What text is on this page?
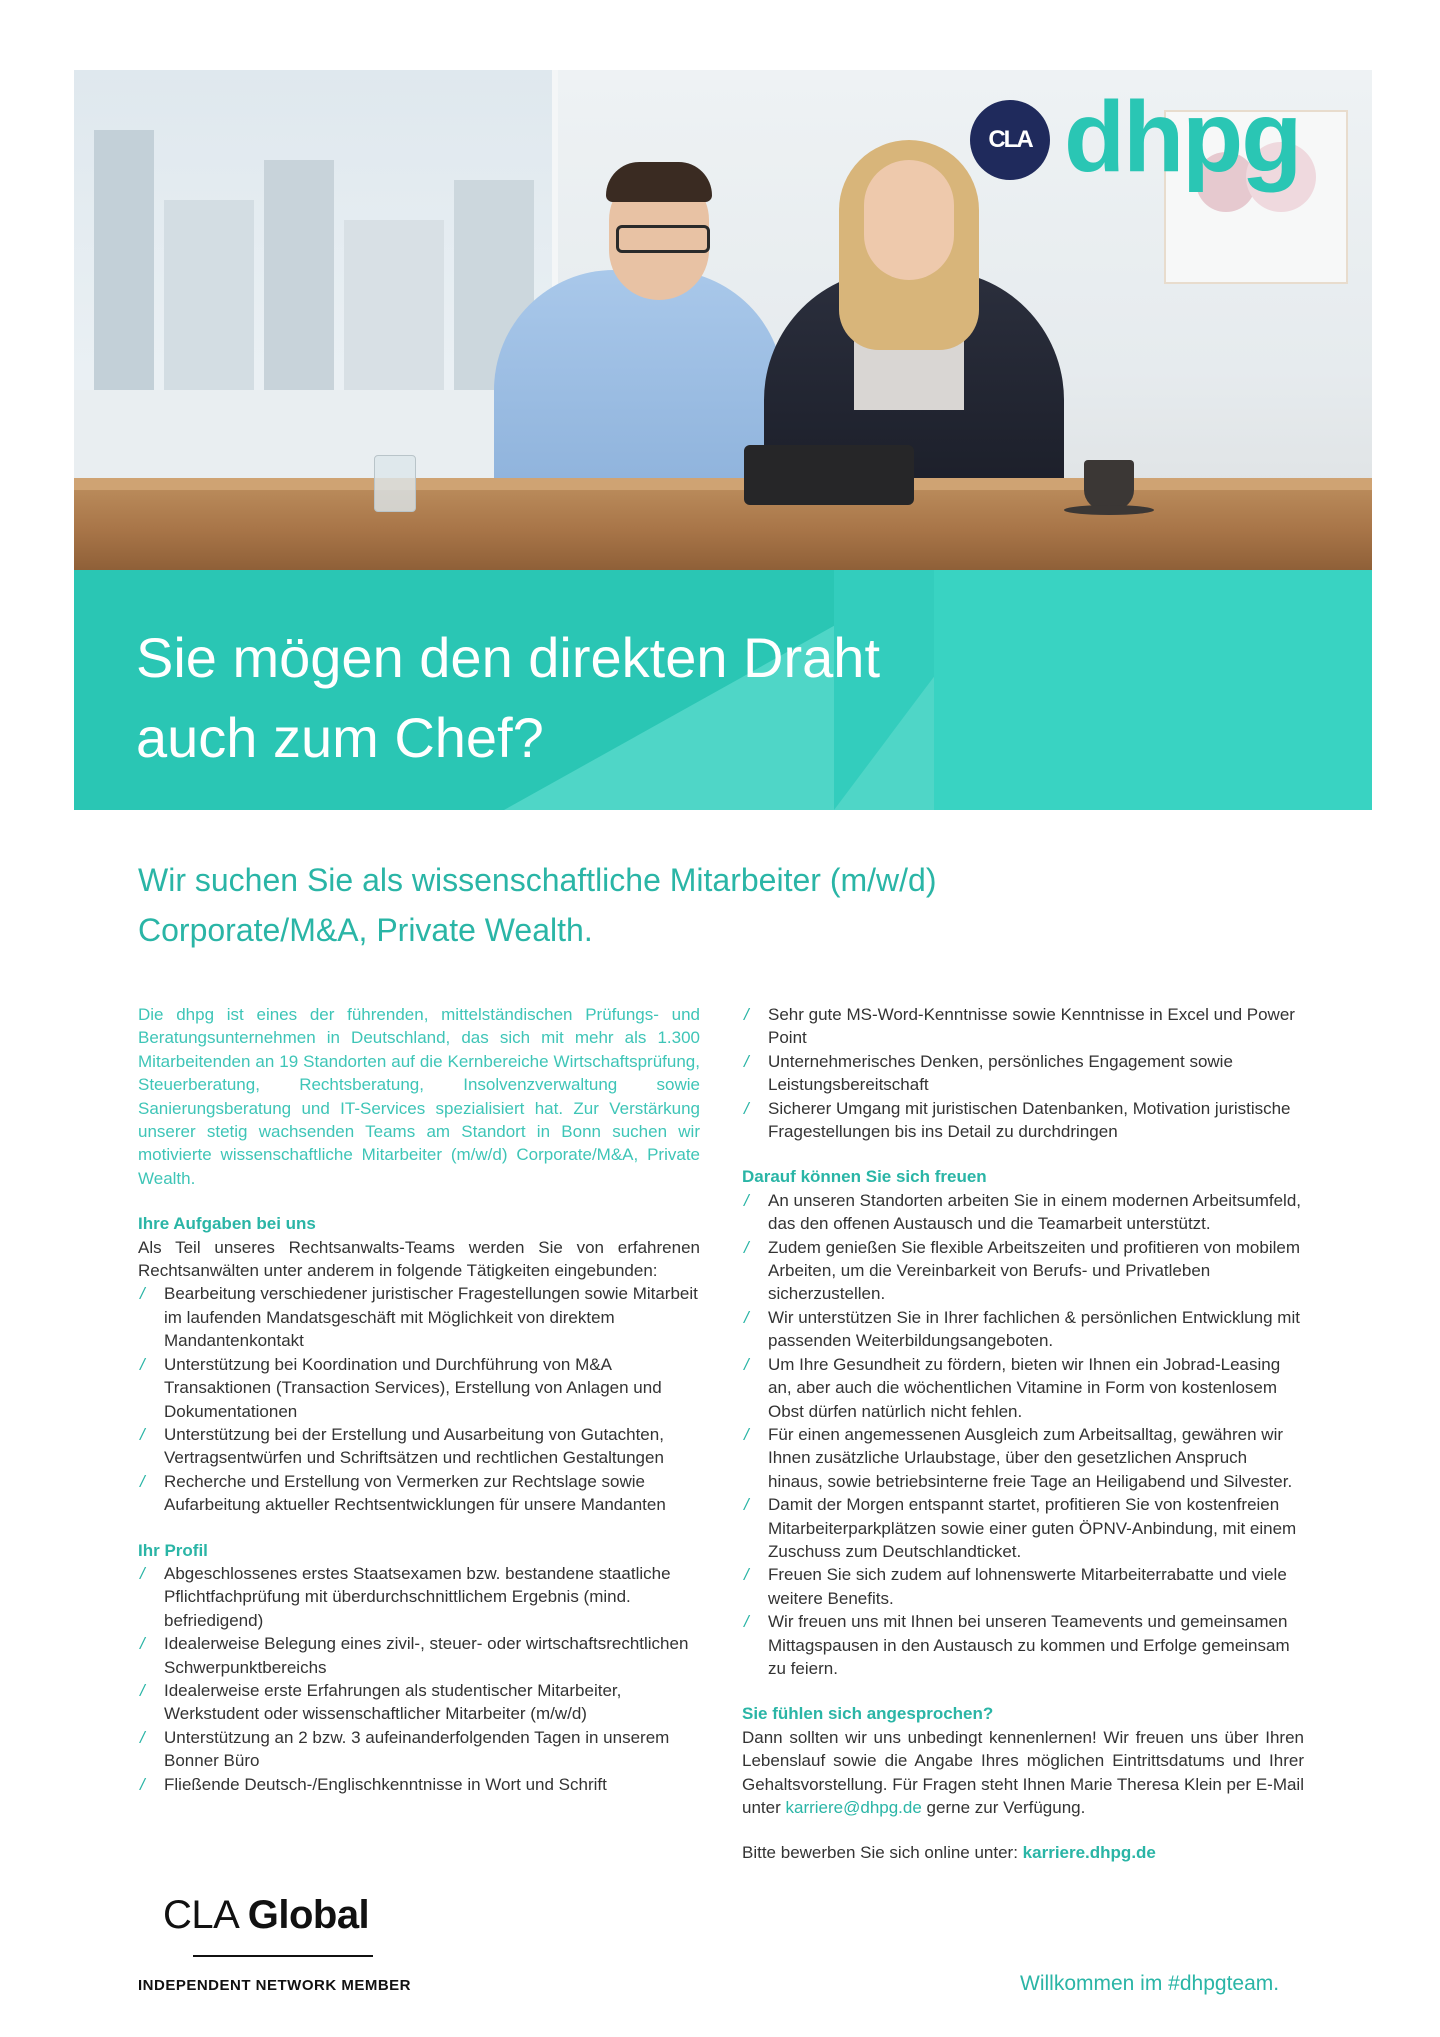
CLA dhpg
Sie mögen den direkten Draht
auch zum Chef?
Wir suchen Sie als wissenschaftliche Mitarbeiter (m/w/d)
Corporate/M&A, Private Wealth.

Die dhpg ist eines der führenden, mittelständischen Prüfungs- und Beratungsunternehmen in Deutschland, das sich mit mehr als 1.300 Mitarbeitenden an 19 Standorten auf die Kernbereiche Wirtschaftsprüfung, Steuerberatung, Rechtsberatung, Insolvenzverwaltung sowie Sanierungsberatung und IT-Services spezialisiert hat. Zur Verstärkung unserer stetig wachsenden Teams am Standort in Bonn suchen wir motivierte wissenschaftliche Mitarbeiter (m/w/d) Corporate/M&A, Private Wealth.

Ihre Aufgaben bei uns

Als Teil unseres Rechtsanwalts-Teams werden Sie von erfahrenen Rechtsanwälten unter anderem in folgende Tätigkeiten eingebunden:

/ Bearbeitung verschiedener juristischer Fragestellungen sowie Mitarbeit im laufenden Mandatsgeschäft mit Möglichkeit von direktem Mandantenkontakt
/ Unterstützung bei Koordination und Durchführung von M&A Transaktionen (Transaction Services), Erstellung von Anlagen und Dokumentationen
/ Unterstützung bei der Erstellung und Ausarbeitung von Gutachten, Vertragsentwürfen und Schriftsätzen und rechtlichen Gestaltungen
/ Recherche und Erstellung von Vermerken zur Rechtslage sowie Aufarbeitung aktueller Rechtsentwicklungen für unsere Mandanten
Ihr Profil
/ Abgeschlossenes erstes Staatsexamen bzw. bestandene staatliche Pflichtfachprüfung mit überdurchschnittlichem Ergebnis (mind. befriedigend)
/ Idealerweise Belegung eines zivil-, steuer- oder wirtschaftsrechtlichen Schwerpunktbereichs
/ Idealerweise erste Erfahrungen als studentischer Mitarbeiter, Werkstudent oder wissenschaftlicher Mitarbeiter (m/w/d)
/ Unterstützung an 2 bzw. 3 aufeinanderfolgenden Tagen in unserem Bonner Büro
/ Fließende Deutsch-/Englischkenntnisse in Wort und Schrift
/ Sehr gute MS-Word-Kenntnisse sowie Kenntnisse in Excel und Power Point
/ Unternehmerisches Denken, persönliches Engagement sowie Leistungsbereitschaft
/ Sicherer Umgang mit juristischen Datenbanken, Motivation juristische Fragestellungen bis ins Detail zu durchdringen
Darauf können Sie sich freuen
/ An unseren Standorten arbeiten Sie in einem modernen Arbeitsumfeld, das den offenen Austausch und die Teamarbeit unterstützt.
/ Zudem genießen Sie flexible Arbeitszeiten und profitieren von mobilem Arbeiten, um die Vereinbarkeit von Berufs- und Privatleben sicherzustellen.
/ Wir unterstützen Sie in Ihrer fachlichen & persönlichen Entwicklung mit passenden Weiterbildungsangeboten.
/ Um Ihre Gesundheit zu fördern, bieten wir Ihnen ein Jobrad-Leasing an, aber auch die wöchentlichen Vitamine in Form von kostenlosem Obst dürfen natürlich nicht fehlen.
/ Für einen angemessenen Ausgleich zum Arbeitsalltag, gewähren wir Ihnen zusätzliche Urlaubstage, über den gesetzlichen Anspruch hinaus, sowie betriebsinterne freie Tage an Heiligabend und Silvester.
/ Damit der Morgen entspannt startet, profitieren Sie von kostenfreien Mitarbeiterparkplätzen sowie einer guten ÖPNV-Anbindung, mit einem Zuschuss zum Deutschlandticket.
/ Freuen Sie sich zudem auf lohnenswerte Mitarbeiterrabatte und viele weitere Benefits.
/ Wir freuen uns mit Ihnen bei unseren Teamevents und gemeinsamen Mittagspausen in den Austausch zu kommen und Erfolge gemeinsam zu feiern.
Sie fühlen sich angesprochen?

Dann sollten wir uns unbedingt kennenlernen! Wir freuen uns über Ihren Lebenslauf sowie die Angabe Ihres möglichen Eintrittsdatums und Ihrer Gehaltsvorstellung. Für Fragen steht Ihnen Marie Theresa Klein per E-Mail unter karriere@dhpg.de gerne zur Verfügung.

Bitte bewerben Sie sich online unter: karriere.dhpg.de

CLA Global
INDEPENDENT NETWORK MEMBER	Willkommen im #dhpgteam.
